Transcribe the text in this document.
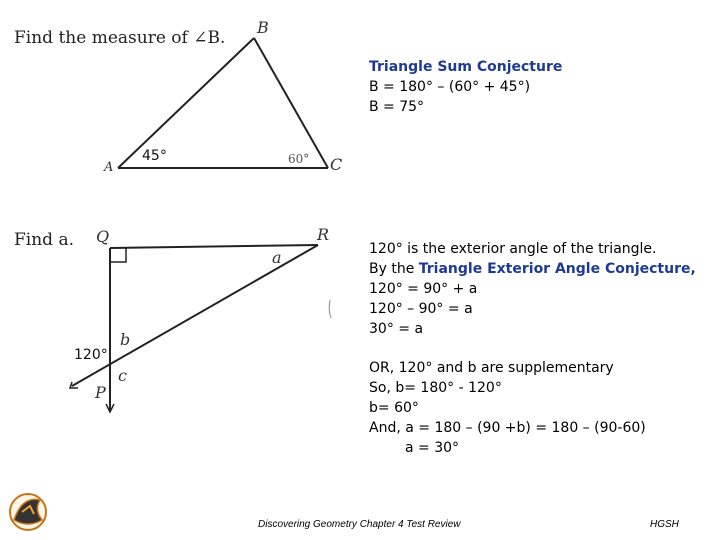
Find the measure of ∠B.
B
A	C
60°
45°
Triangle Sum Conjecture
B = 180° – (60° + 45°)
B = 75°
Find a. Q	R
P
a
b
c
120°
120° is the exterior angle of the triangle.
By the Triangle Exterior Angle Conjecture,
120° = 90° + a
120° – 90° = a
30° = a
OR, 120° and b are supplementary
So, b= 180° - 120°
b= 60°
And, a = 180 – (90 +b) = 180 – (90-60)
a = 30°
Discovering Geometry Chapter 4 Test Review	HGSH
